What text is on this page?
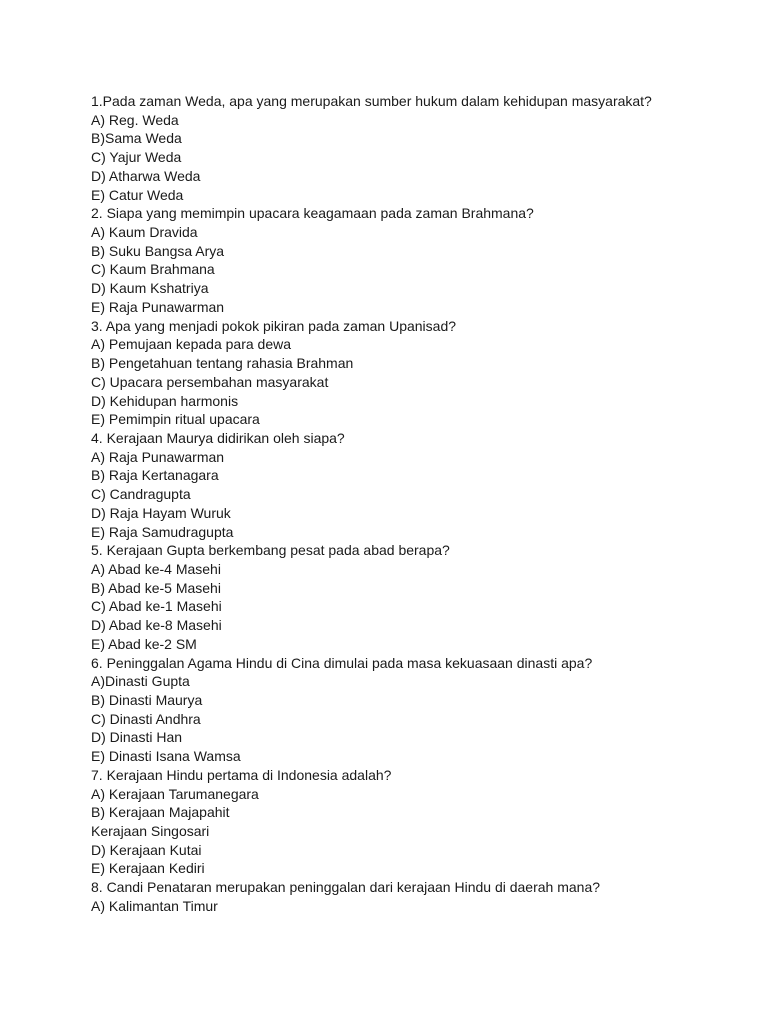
1.Pada zaman Weda, apa yang merupakan sumber hukum dalam kehidupan masyarakat?
A) Reg. Weda
B)Sama Weda
C) Yajur Weda
D) Atharwa Weda
E) Catur Weda
2. Siapa yang memimpin upacara keagamaan pada zaman Brahmana?
A) Kaum Dravida
B) Suku Bangsa Arya
C) Kaum Brahmana
D) Kaum Kshatriya
E) Raja Punawarman
3. Apa yang menjadi pokok pikiran pada zaman Upanisad?
A) Pemujaan kepada para dewa
B) Pengetahuan tentang rahasia Brahman
C) Upacara persembahan masyarakat
D) Kehidupan harmonis
E) Pemimpin ritual upacara
4. Kerajaan Maurya didirikan oleh siapa?
A) Raja Punawarman
B) Raja Kertanagara
C) Candragupta
D) Raja Hayam Wuruk
E) Raja Samudragupta
5. Kerajaan Gupta berkembang pesat pada abad berapa?
A) Abad ke-4 Masehi
B) Abad ke-5 Masehi
C) Abad ke-1 Masehi
D) Abad ke-8 Masehi
E) Abad ke-2 SM
6. Peninggalan Agama Hindu di Cina dimulai pada masa kekuasaan dinasti apa?
A)Dinasti Gupta
B) Dinasti Maurya
C) Dinasti Andhra
D) Dinasti Han
E) Dinasti Isana Wamsa
7. Kerajaan Hindu pertama di Indonesia adalah?
A) Kerajaan Tarumanegara
B) Kerajaan Majapahit
Kerajaan Singosari
D) Kerajaan Kutai
E) Kerajaan Kediri
8. Candi Penataran merupakan peninggalan dari kerajaan Hindu di daerah mana?
A) Kalimantan Timur
